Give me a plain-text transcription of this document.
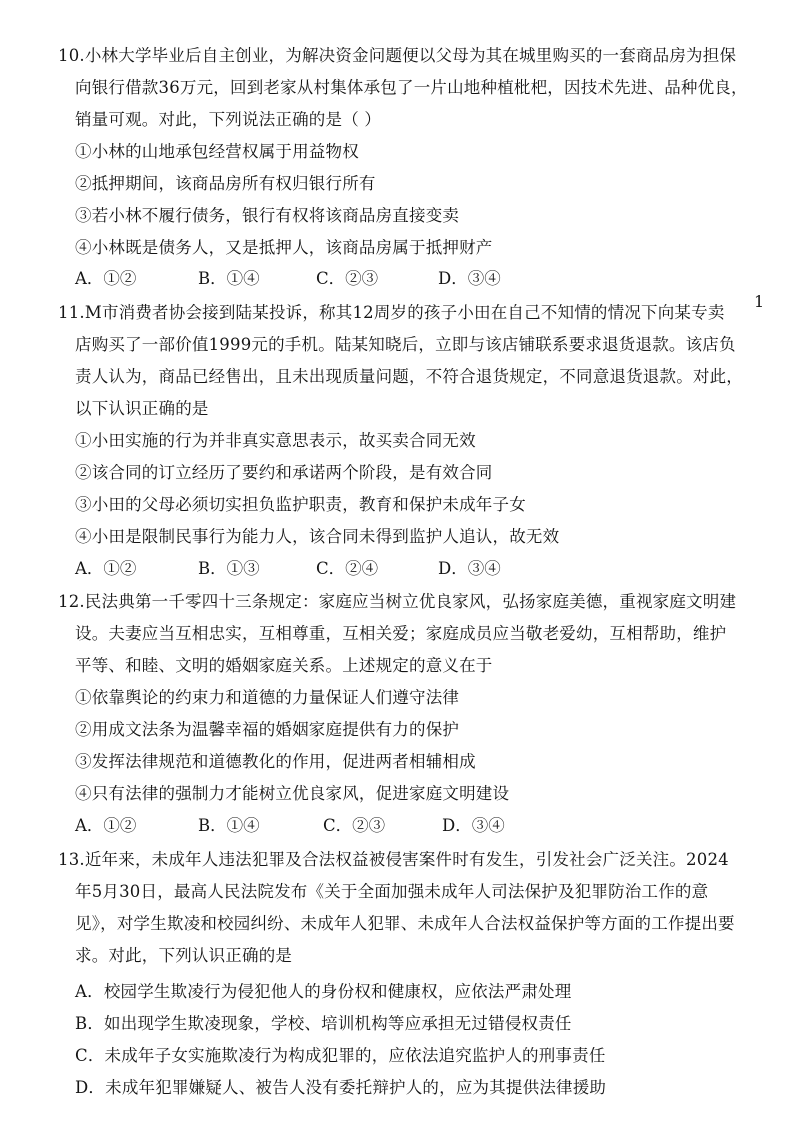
10.小林大学毕业后自主创业，为解决资金问题便以父母为其在城里购买的一套商品房为担保
向银行借款36万元，回到老家从村集体承包了一片山地种植枇杷，因技术先进、品种优良，
销量可观。对此，下列说法正确的是（ ）
①小林的山地承包经营权属于用益物权
②抵押期间，该商品房所有权归银行所有
③若小林不履行债务，银行有权将该商品房直接变卖
④小林既是债务人，又是抵押人，该商品房属于抵押财产
A．①②	B．①④	C．②③	D．③④
11.M市消费者协会接到陆某投诉，称其12周岁的孩子小田在自己不知情的情况下向某专卖
1
店购买了一部价值1999元的手机。陆某知晓后，立即与该店铺联系要求退货退款。该店负
责人认为，商品已经售出，且未出现质量问题，不符合退货规定，不同意退货退款。对此，
以下认识正确的是
①小田实施的行为并非真实意思表示，故买卖合同无效
②该合同的订立经历了要约和承诺两个阶段，是有效合同
③小田的父母必须切实担负监护职责，教育和保护未成年子女
④小田是限制民事行为能力人，该合同未得到监护人追认，故无效
A．①②	B．①③	C．②④	D．③④
12.民法典第一千零四十三条规定：家庭应当树立优良家风，弘扬家庭美德，重视家庭文明建
设。夫妻应当互相忠实，互相尊重，互相关爱；家庭成员应当敬老爱幼，互相帮助，维护
平等、和睦、文明的婚姻家庭关系。上述规定的意义在于
①依靠舆论的约束力和道德的力量保证人们遵守法律
②用成文法条为温馨幸福的婚姻家庭提供有力的保护
③发挥法律规范和道德教化的作用，促进两者相辅相成
④只有法律的强制力才能树立优良家风，促进家庭文明建设
A．①②	B．①④	C．②③	D．③④
13.近年来，未成年人违法犯罪及合法权益被侵害案件时有发生，引发社会广泛关注。2024
年5月30日，最高人民法院发布《关于全面加强未成年人司法保护及犯罪防治工作的意
见》，对学生欺凌和校园纠纷、未成年人犯罪、未成年人合法权益保护等方面的工作提出要
求。对此，下列认识正确的是
A．校园学生欺凌行为侵犯他人的身份权和健康权，应依法严肃处理
B．如出现学生欺凌现象，学校、培训机构等应承担无过错侵权责任
C．未成年子女实施欺凌行为构成犯罪的，应依法追究监护人的刑事责任
D．未成年犯罪嫌疑人、被告人没有委托辩护人的，应为其提供法律援助
